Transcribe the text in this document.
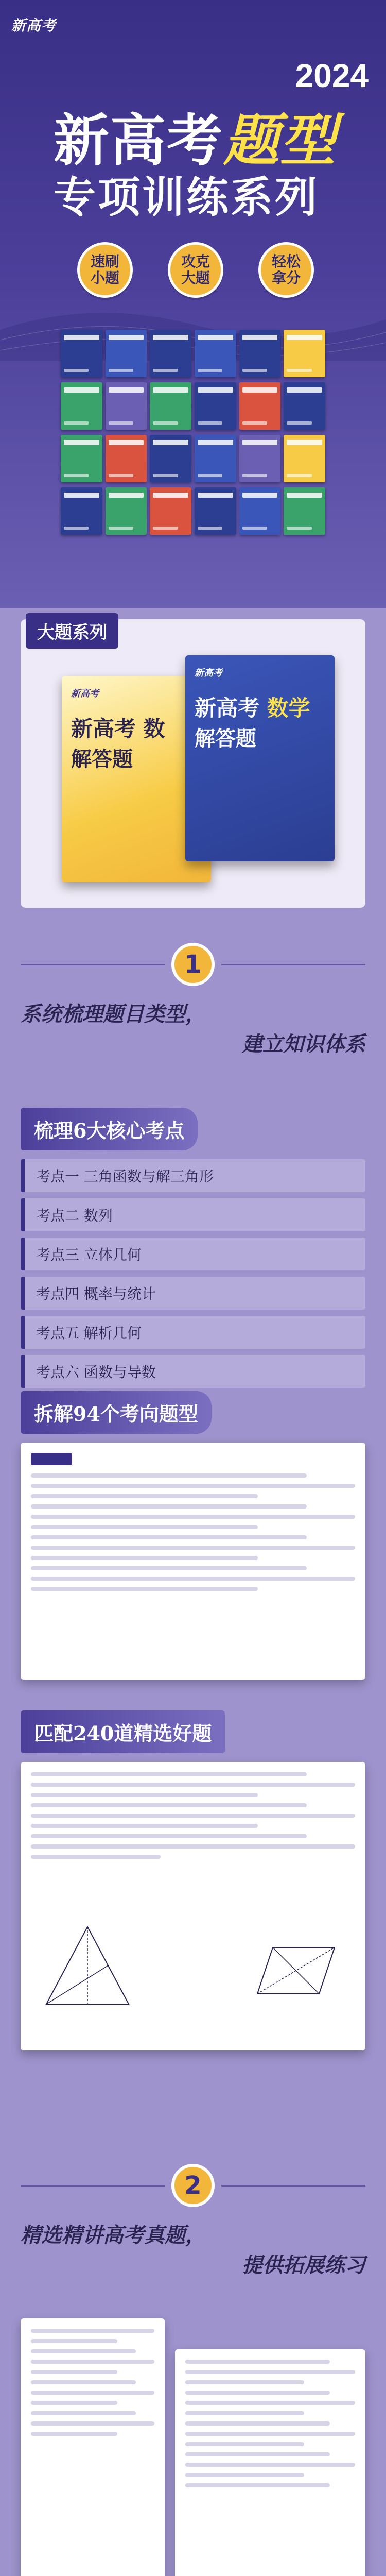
新高考
2024
新高考题型
专项训练系列
速刷
小题
攻克
大题
轻松
拿分
大题系列
新高考
新高考 数
解答题
新高考
新高考 数学
解答题
1
系统梳理题目类型，
建立知识体系
梳理6大核心考点
考点一 三角函数与解三角形
考点二 数列
考点三 立体几何
考点四 概率与统计
考点五 解析几何
考点六 函数与导数
拆解94个考向题型
匹配240道精选好题
2
精选精讲高考真题，
提供拓展练习
